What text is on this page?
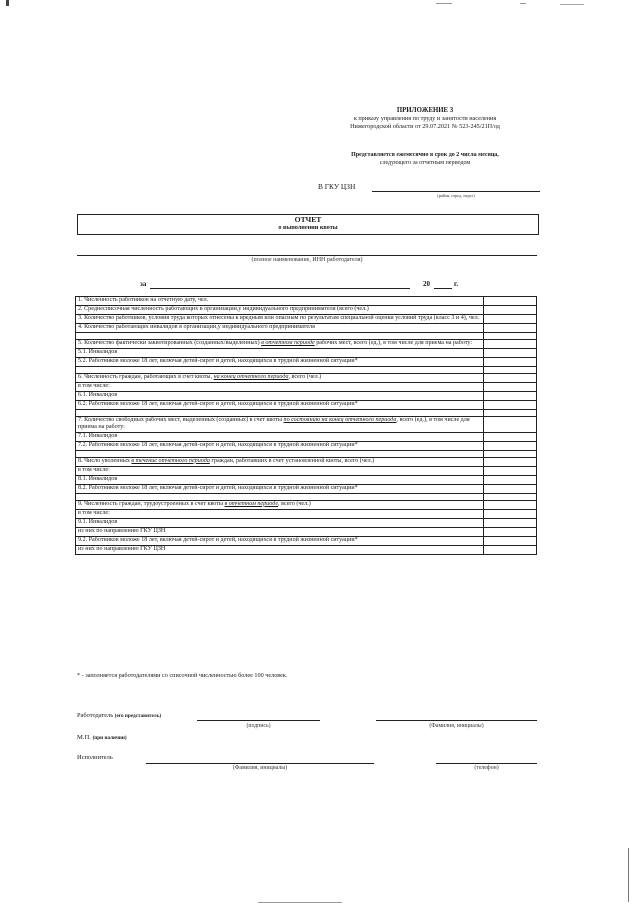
ПРИЛОЖЕНИЕ 3
к приказу управления по труду и занятости населения
Нижегородской области от 29.07.2021 № 523-245/21П/од
Представляется ежемесячно в срок до 2 числа месяца,
следующего за отчетным периодом
В ГКУ ЦЗН
(район, город, округ)
ОТЧЕТ
о выполнении квоты
(полное наименование, ИНН работодателя)
за	20	г.
1. Численность работников на отчетную дату, чел.	
2. Среднесписочная численность работающих в организации,у индивидуального предпринимателя (всего (чел.)	
3. Количество работников, условия труда которых отнесены к вредным или опасным по результатам специальной оценки условий труда (класс 3 и 4), чел.	
4. Количество работающих инвалидов в организации,у индивидуального предпринимателя	

5. Количество фактически заквотированных (созданных/выделенных) в отчетном периоде рабочих мест, всего (ед.), в том числе для приема на работу:	
5.1. Инвалидов	
5.2. Работников моложе 18 лет, включая детей-сирот и детей, находящихся в трудной жизненной ситуации*	

6. Численность граждан, работающих в счет квоты, на конец отчетного периода, всего (чел.)	
в том числе:	
6.1. Инвалидов	
6.2. Работников моложе 18 лет, включая детей-сирот и детей, находящихся в трудной жизненной ситуации*	

7. Количество свободных рабочих мест, выделенных (созданных) в счет квоты по состоянию на конец отчетного периода, всего (ед.), в том числе для приема на работу:	
7.1. Инвалидов	
7.2. Работников моложе 18 лет, включая детей-сирот и детей, находящихся в трудной жизненной ситуации*	

8. Число уволенных в течение отчетного периода граждан, работавших в счет установленной квоты, всего (чел.)	
в том числе:	
8.1. Инвалидов	
8.2. Работников моложе 18 лет, включая детей-сирот и детей, находящихся в трудной жизненной ситуации*	

9. Численность граждан, трудоустроенных в счет квоты в отчетном периоде, всего (чел.)	
в том числе:	
9.1. Инвалидов	
из них по направлению ГКУ ЦЗН	
9.2. Работников моложе 18 лет, включая детей-сирот и детей, находящихся в трудной жизненной ситуации*	
из них по направлению ГКУ ЦЗН	
* - заполняется работодателями со списочной численностью более 100 человек.
Работодатель (его представитель)
(подпись)	(Фамилия, инициалы)
М.П. (при наличии)
Исполнитель
(Фамилия, инициалы)	(телефон)
